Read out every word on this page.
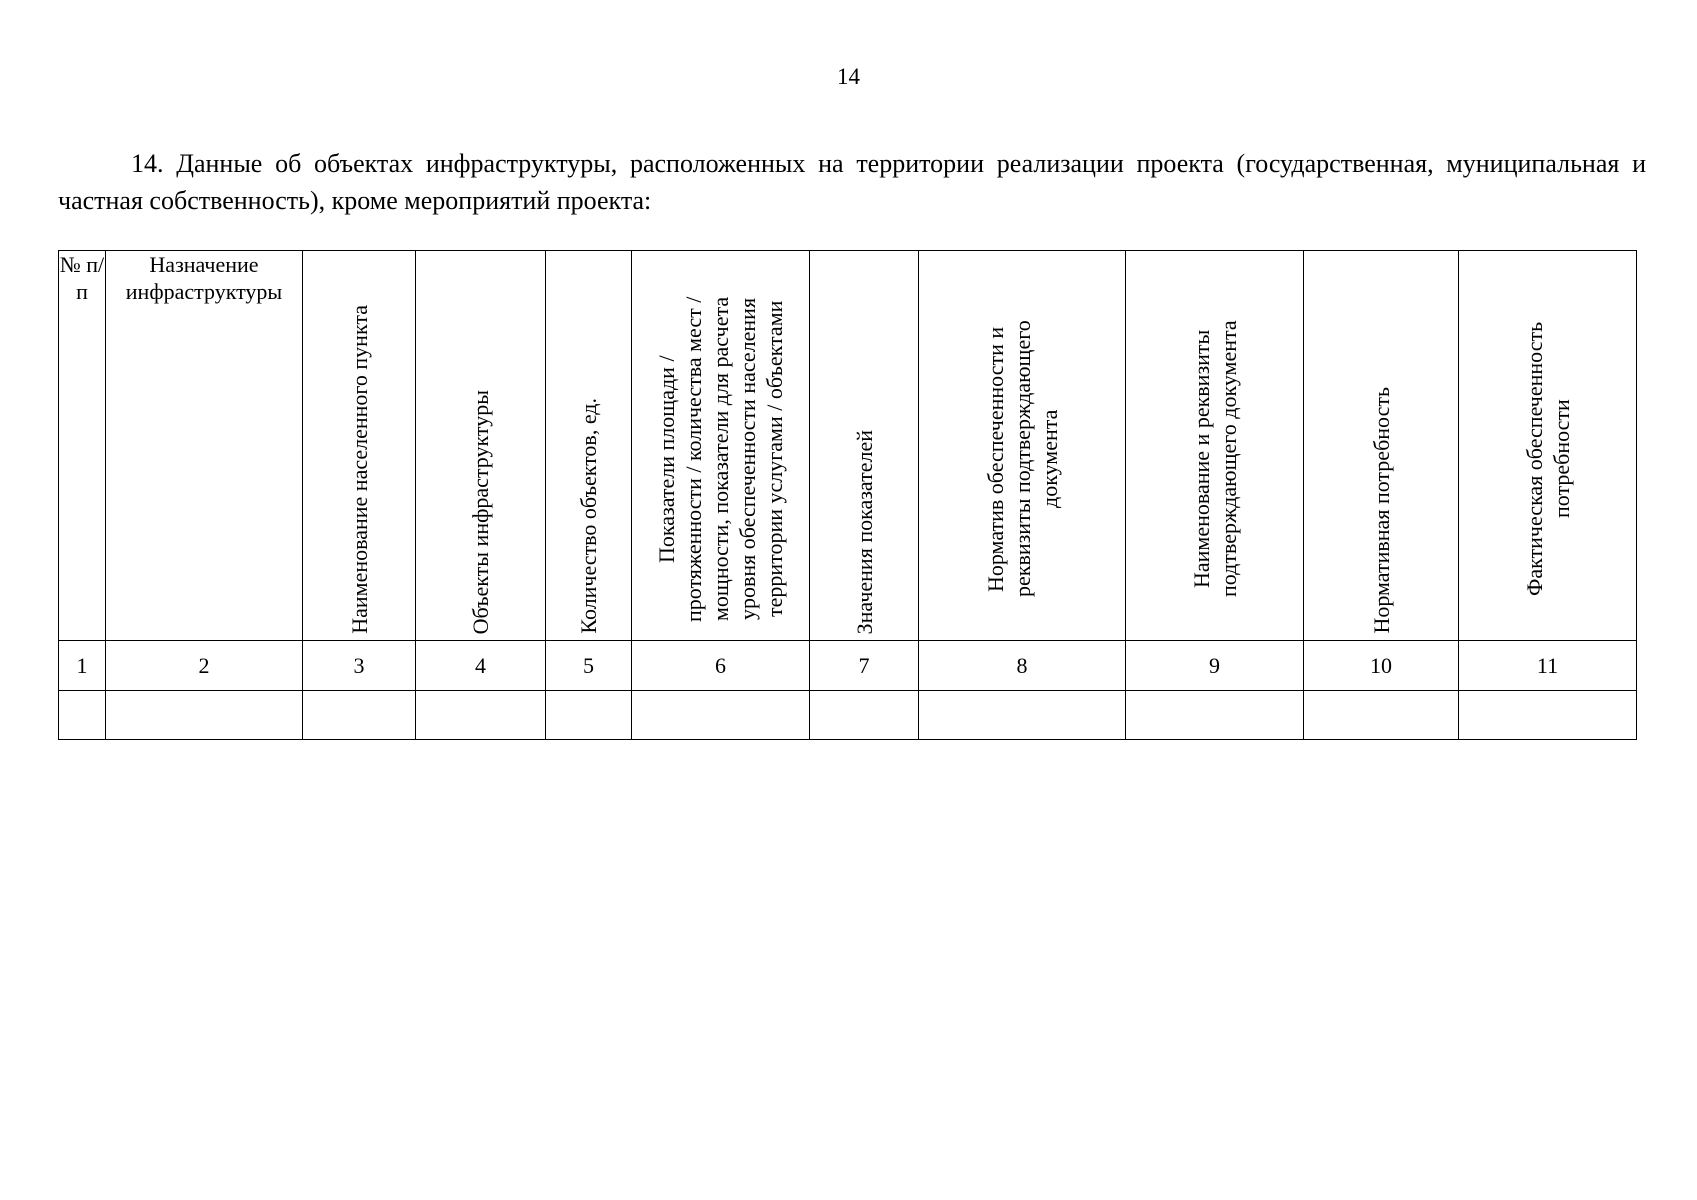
14

14. Данные об объектах инфраструктуры, расположенных на территории реализации проекта (государственная, муниципальная и частная собственность), кроме мероприятий проекта:

№ п/п	Назначение инфраструктуры	Наименование населенного пункта	Объекты инфраструктуры	Количество объектов, ед.	Показатели площади / протяженности / количества мест / мощности, показатели для расчета уровня обеспеченности населения территории услугами / объектами	Значения показателей	Норматив обеспеченности и реквизиты подтверждающего документа	Наименование и реквизиты подтверждающего документа	Нормативная потребность	Фактическая обеспеченность потребности
1	2	3	4	5	6	7	8	9	10	11
